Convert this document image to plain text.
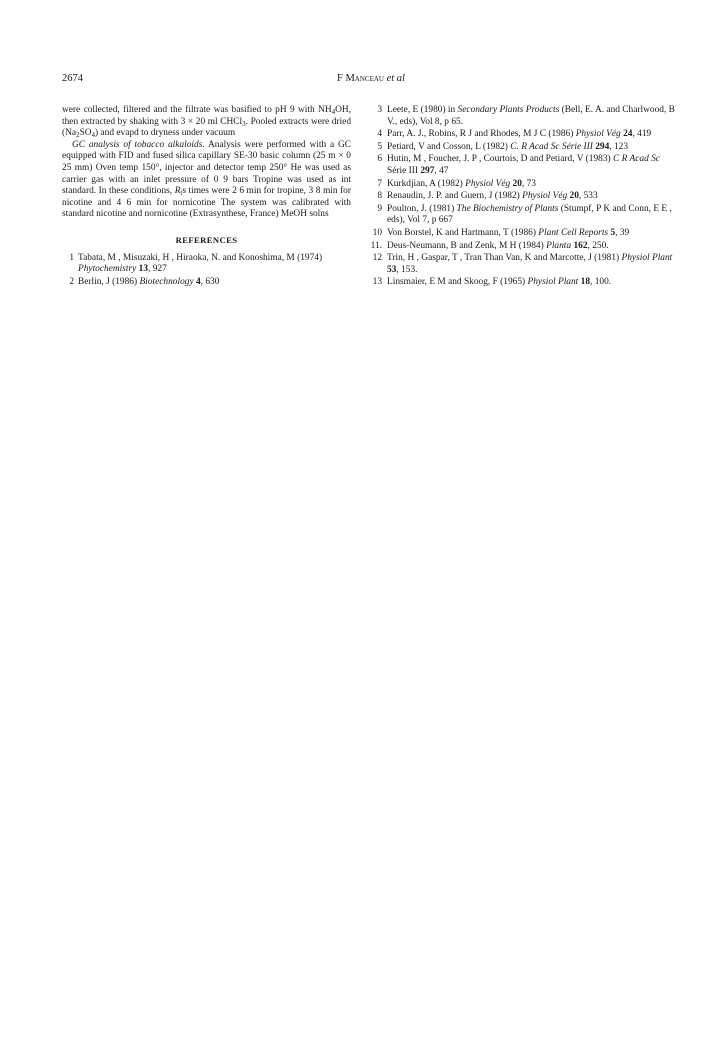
2674	F Manceau et al

were collected, filtered and the filtrate was basified to pH 9 with $NH_4OH$, then extracted by shaking with 3 × 20 ml CHCl$_3$. Pooled extracts were dried $(Na_2SO_4)$ and evapd to dryness under vacuum

GC analysis of tobacco alkaloids. Analysis were performed with a GC equipped with FID and fused silica capillary SE-30 basic column (25 m × 0 25 mm) Oven temp 150°, injector and detector temp 250° He was used as carrier gas with an inlet pressure of 0 9 bars Tropine was used as int standard. In these conditions, $R_ts$ times were 2 6 min for tropine, 3 8 min for nicotine and 4 6 min for nornicotine The system was calibrated with standard nicotine and nornicotine (Extrasynthese, France) MeOH solns

REFERENCES
1 Tabata, M , Misuzaki, H , Hiraoka, N. and Konoshima, M (1974) Phytochemistry 13, 927
2 Berlin, J (1986) Biotechnology 4, 630
3 Leete, E (1980) in Secondary Plants Products (Bell, E. A. and Charlwood, B V., eds), Vol 8, p 65.
4 Parr, A. J., Robins, R J and Rhodes, M J C (1986) Physiol Vég 24, 419
5 Petiard, V and Cosson, L (1982) C. R Acad Sc Série III 294, 123
6 Hutin, M , Foucher, J. P , Courtois, D and Petiard, V (1983) C R Acad Sc Série III 297, 47
7 Kurkdjian, A (1982) Physiol Vég 20, 73
8 Renaudin, J. P. and Guern, J (1982) Physiol Vég 20, 533
9 Poulton, J. (1981) The Biochemistry of Plants (Stumpf, P K and Conn, E E , eds), Vol 7, p 667
10 Von Borstel, K and Hartmann, T (1986) Plant Cell Reports 5, 39
11. Deus-Neumann, B and Zenk, M H (1984) Planta 162, 250.
12 Trin, H , Gaspar, T , Tran Than Van, K and Marcotte, J (1981) Physiol Plant 53, 153.
13 Linsmaier, E M and Skoog, F (1965) Physiol Plant 18, 100.
